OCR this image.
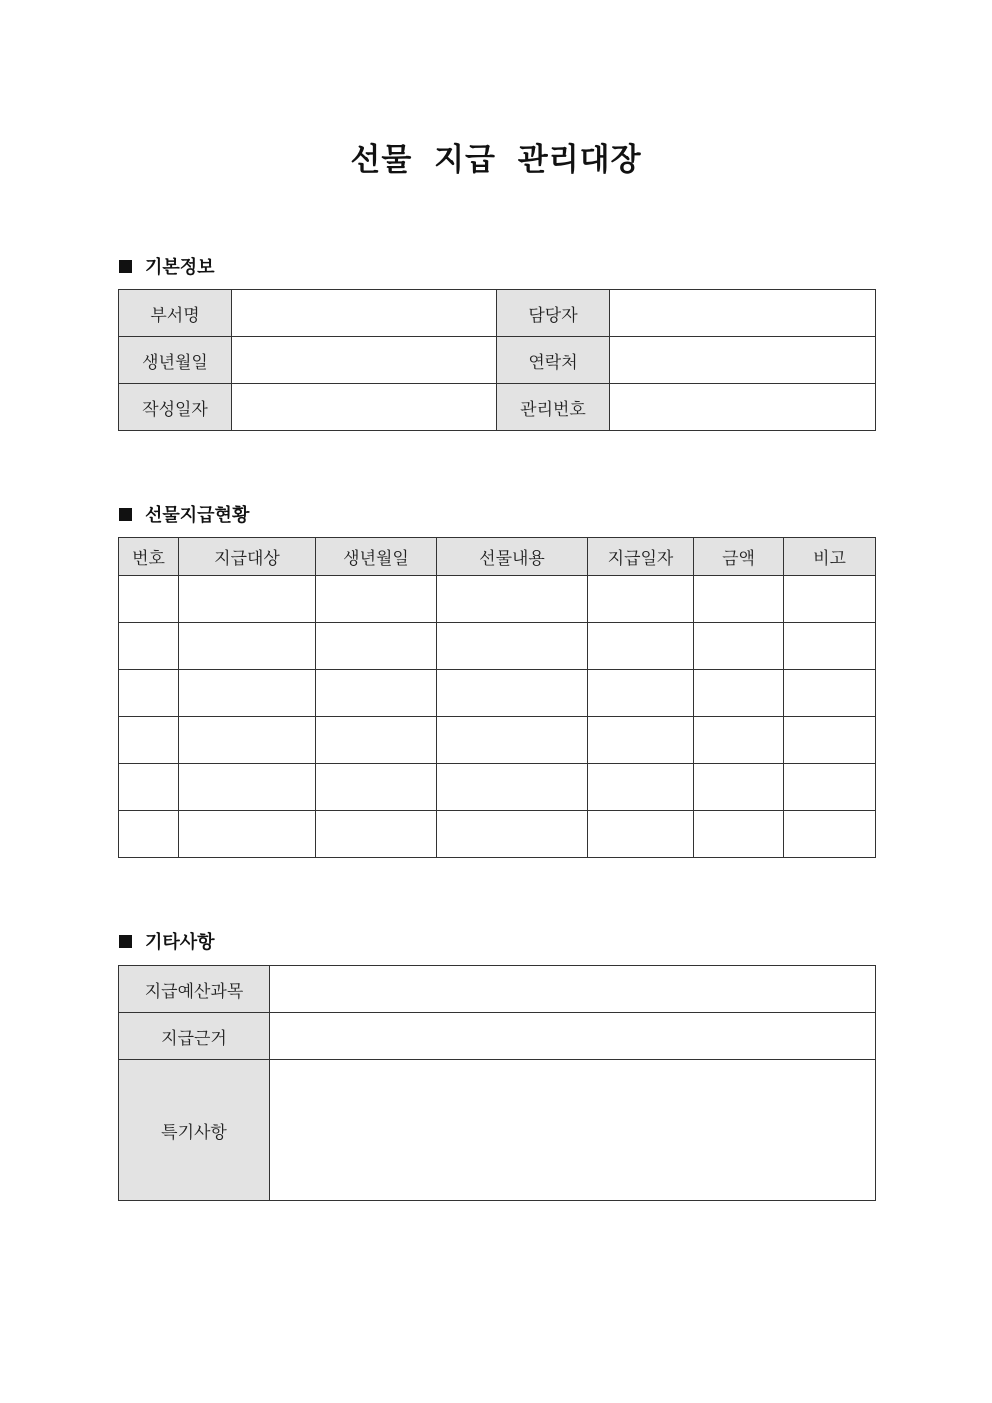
선물 지급 관리대장
기본정보
부서명		담당자	
생년월일		연락처	
작성일자		관리번호	
선물지급현황
번호	지급대상	생년월일	선물내용	지급일자	금액	비고

기타사항
지급예산과목	
지급근거	
특기사항	
